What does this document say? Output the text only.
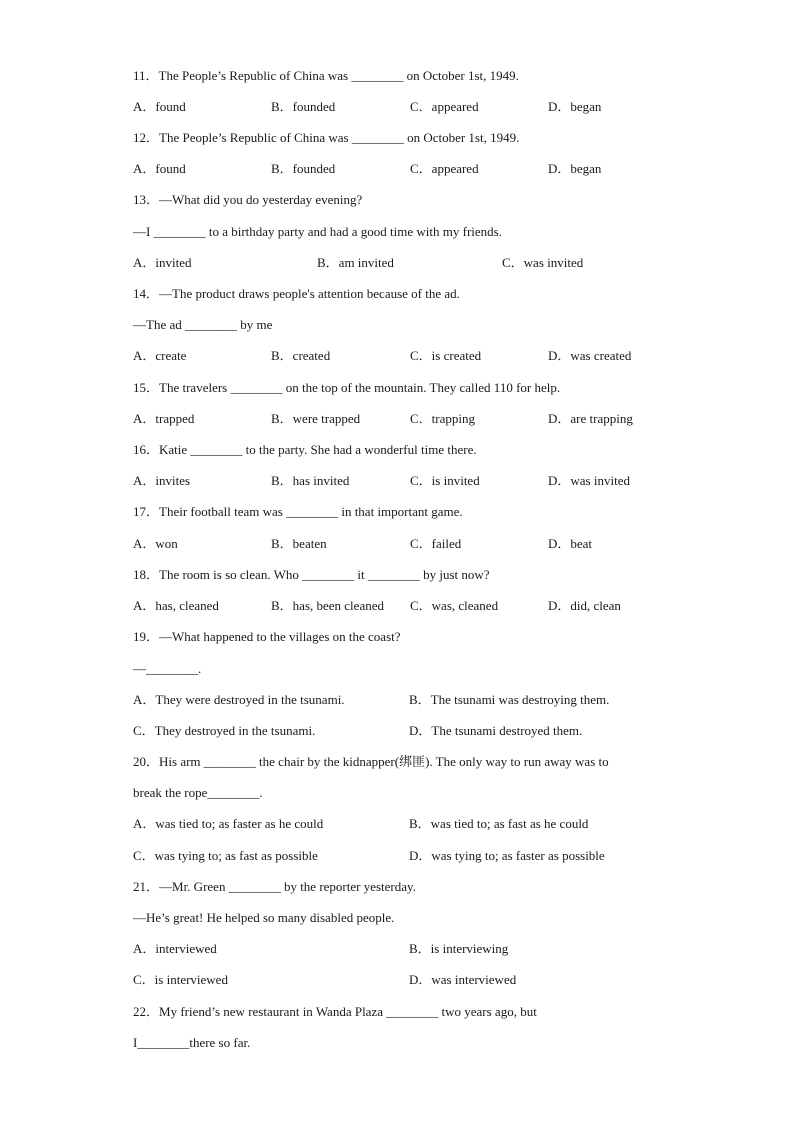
11．The People’s Republic of China was ________ on October 1st, 1949.
A．found	B．founded	C．appeared	D．began
12．The People’s Republic of China was ________ on October 1st, 1949.
A．found	B．founded	C．appeared	D．began
13．—What did you do yesterday evening?
—I ________ to a birthday party and had a good time with my friends.
A．invited	B．am invited	C．was invited
14．—The product draws people's attention because of the ad.
—The ad ________ by me
A．create	B．created	C．is created	D．was created
15．The travelers ________ on the top of the mountain. They called 110 for help.
A．trapped	B．were trapped	C．trapping	D．are trapping
16．Katie ________ to the party. She had a wonderful time there.
A．invites	B．has invited	C．is invited	D．was invited
17．Their football team was ________ in that important game.
A．won	B．beaten	C．failed	D．beat
18．The room is so clean. Who ________ it ________ by just now?
A．has, cleaned	B．has, been cleaned C．was, cleaned	D．did, clean
19．—What happened to the villages on the coast?
—________.
A．They were destroyed in the tsunami.	B．The tsunami was destroying them.
C．They destroyed in the tsunami.	D．The tsunami destroyed them.
20．His arm ________ the chair by the kidnapper(绑匪). The only way to run away was to
break the rope________.
A．was tied to; as faster as he could	B．was tied to; as fast as he could
C．was tying to; as fast as possible	D．was tying to; as faster as possible
21．—Mr. Green ________ by the reporter yesterday.
—He’s great! He helped so many disabled people.
A．interviewed	B．is interviewing
C．is interviewed	D．was interviewed
22．My friend’s new restaurant in Wanda Plaza ________ two years ago, but
I________there so far.
